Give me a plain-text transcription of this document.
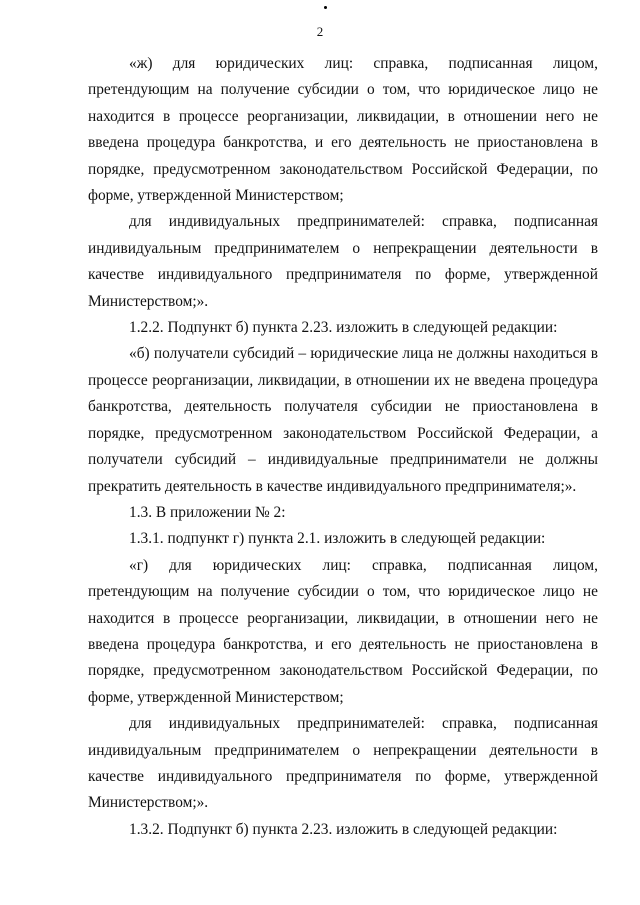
2

«ж) для юридических лиц: справка, подписанная лицом, претендующим на получение субсидии о том, что юридическое лицо не находится в процессе реорганизации, ликвидации, в отношении него не введена процедура банкротства, и его деятельность не приостановлена в порядке, предусмотренном законодательством Российской Федерации, по форме, утвержденной Министерством;

для индивидуальных предпринимателей: справка, подписанная индивидуальным предпринимателем о непрекращении деятельности в качестве индивидуального предпринимателя по форме, утвержденной Министерством;».

1.2.2. Подпункт б) пункта 2.23. изложить в следующей редакции:

«б) получатели субсидий – юридические лица не должны находиться в процессе реорганизации, ликвидации, в отношении их не введена процедура банкротства, деятельность получателя субсидии не приостановлена в порядке, предусмотренном законодательством Российской Федерации, а получатели субсидий – индивидуальные предприниматели не должны прекратить деятельность в качестве индивидуального предпринимателя;».

1.3. В приложении № 2:

1.3.1. подпункт г) пункта 2.1. изложить в следующей редакции:

«г) для юридических лиц: справка, подписанная лицом, претендующим на получение субсидии о том, что юридическое лицо не находится в процессе реорганизации, ликвидации, в отношении него не введена процедура банкротства, и его деятельность не приостановлена в порядке, предусмотренном законодательством Российской Федерации, по форме, утвержденной Министерством;

для индивидуальных предпринимателей: справка, подписанная индивидуальным предпринимателем о непрекращении деятельности в качестве индивидуального предпринимателя по форме, утвержденной Министерством;».

1.3.2. Подпункт б) пункта 2.23. изложить в следующей редакции:
